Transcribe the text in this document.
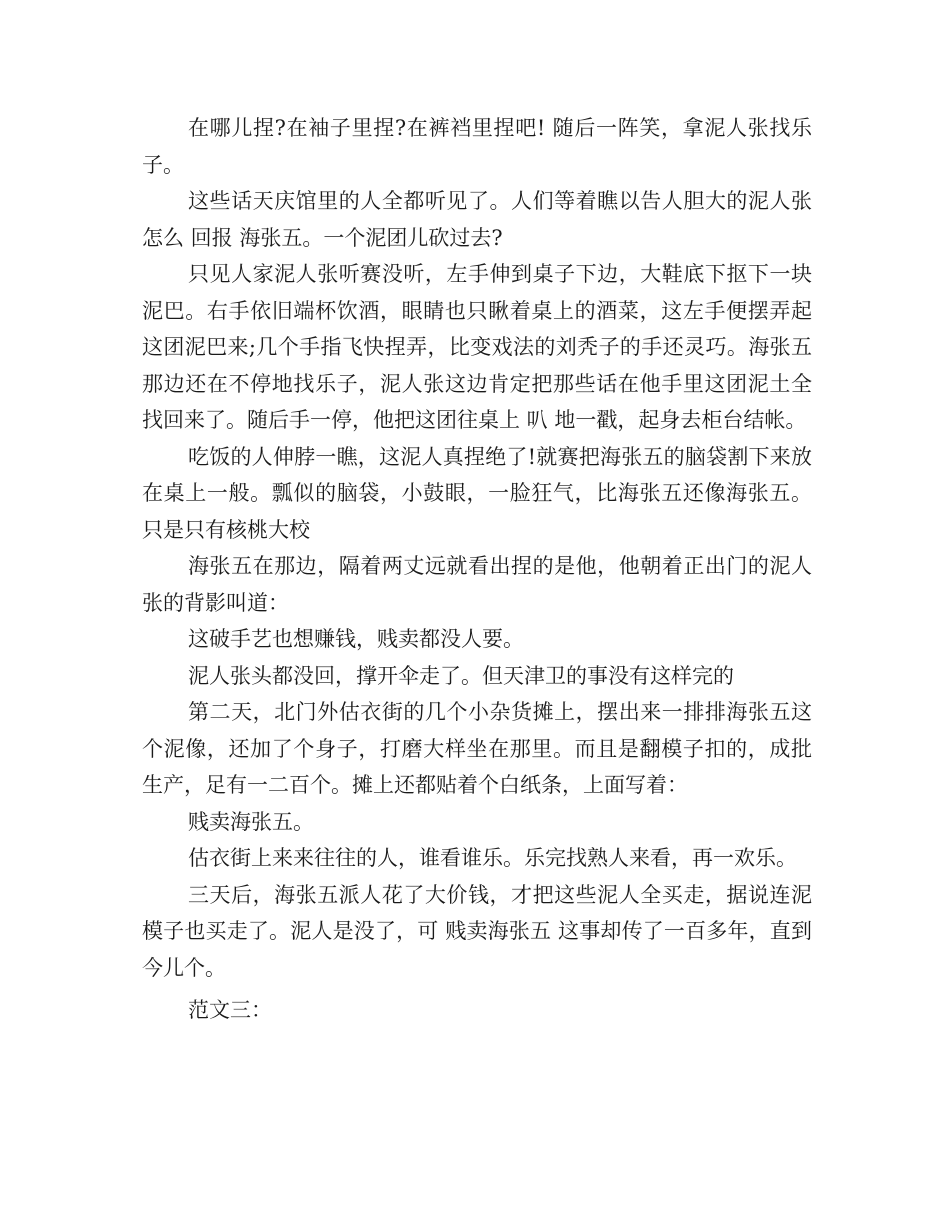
在哪儿捏?在袖子里捏?在裤裆里捏吧! 随后一阵笑，拿泥人张找乐子。

这些话天庆馆里的人全都听见了。人们等着瞧以告人胆大的泥人张怎么 回报 海张五。一个泥团儿砍过去?

只见人家泥人张听赛没听，左手伸到桌子下边，大鞋底下抠下一块泥巴。右手依旧端杯饮酒，眼睛也只瞅着桌上的酒菜，这左手便摆弄起这团泥巴来;几个手指飞快捏弄，比变戏法的刘秃子的手还灵巧。海张五那边还在不停地找乐子，泥人张这边肯定把那些话在他手里这团泥土全找回来了。随后手一停，他把这团往桌上 叭 地一戳，起身去柜台结帐。

吃饭的人伸脖一瞧，这泥人真捏绝了!就赛把海张五的脑袋割下来放在桌上一般。瓢似的脑袋，小鼓眼，一脸狂气，比海张五还像海张五。只是只有核桃大校

海张五在那边，隔着两丈远就看出捏的是他，他朝着正出门的泥人张的背影叫道：

这破手艺也想赚钱，贱卖都没人要。

泥人张头都没回，撑开伞走了。但天津卫的事没有这样完的

第二天，北门外估衣街的几个小杂货摊上，摆出来一排排海张五这个泥像，还加了个身子，打磨大样坐在那里。而且是翻模子扣的，成批生产，足有一二百个。摊上还都贴着个白纸条，上面写着：

贱卖海张五。

估衣街上来来往往的人，谁看谁乐。乐完找熟人来看，再一欢乐。

三天后，海张五派人花了大价钱，才把这些泥人全买走，据说连泥模子也买走了。泥人是没了，可 贱卖海张五 这事却传了一百多年，直到今儿个。

范文三：
